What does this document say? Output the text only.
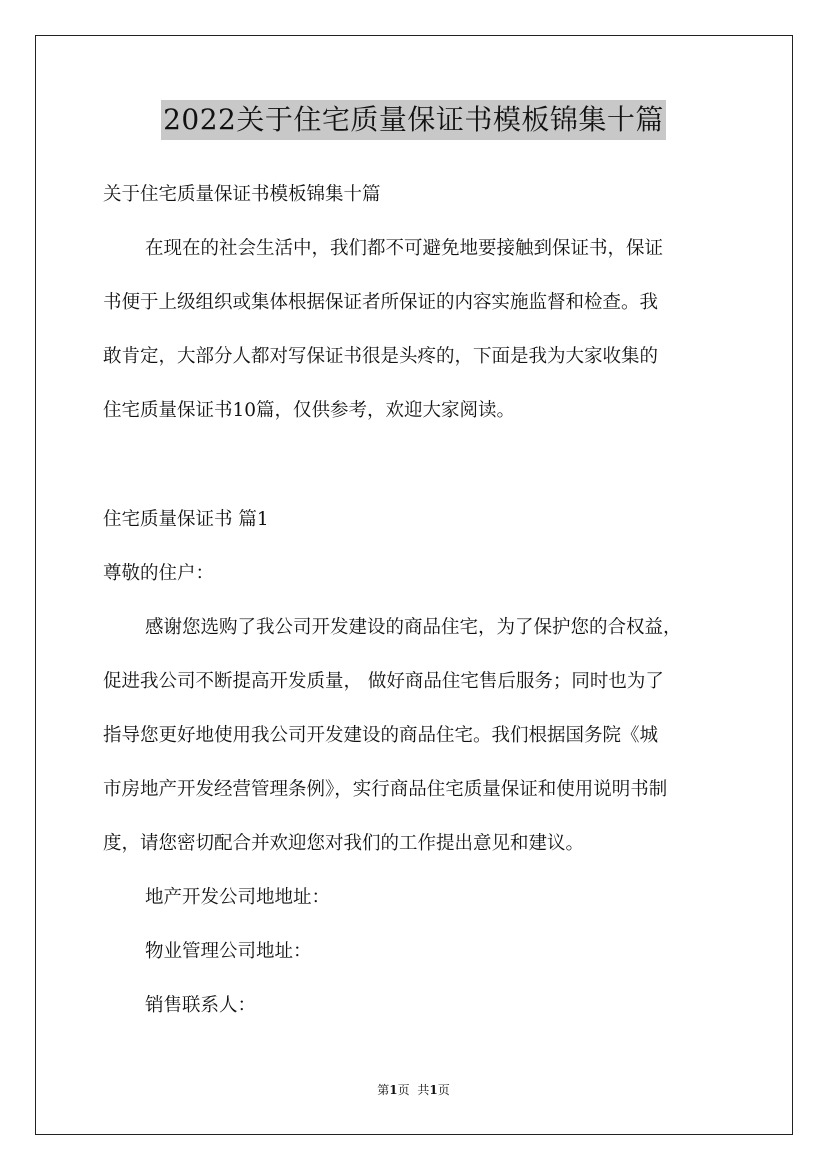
2022关于住宅质量保证书模板锦集十篇
关于住宅质量保证书模板锦集十篇
在现在的社会生活中，我们都不可避免地要接触到保证书，保证
书便于上级组织或集体根据保证者所保证的内容实施监督和检查。我
敢肯定，大部分人都对写保证书很是头疼的，下面是我为大家收集的
住宅质量保证书10篇，仅供参考，欢迎大家阅读。
住宅质量保证书 篇1
尊敬的住户：
感谢您选购了我公司开发建设的商品住宅，为了保护您的合权益，
促进我公司不断提高开发质量， 做好商品住宅售后服务；同时也为了
指导您更好地使用我公司开发建设的商品住宅。我们根据国务院《城
市房地产开发经营管理条例》，实行商品住宅质量保证和使用说明书制
度，请您密切配合并欢迎您对我们的工作提出意见和建议。
地产开发公司地地址：
物业管理公司地址：
销售联系人：
第1页 共1页
